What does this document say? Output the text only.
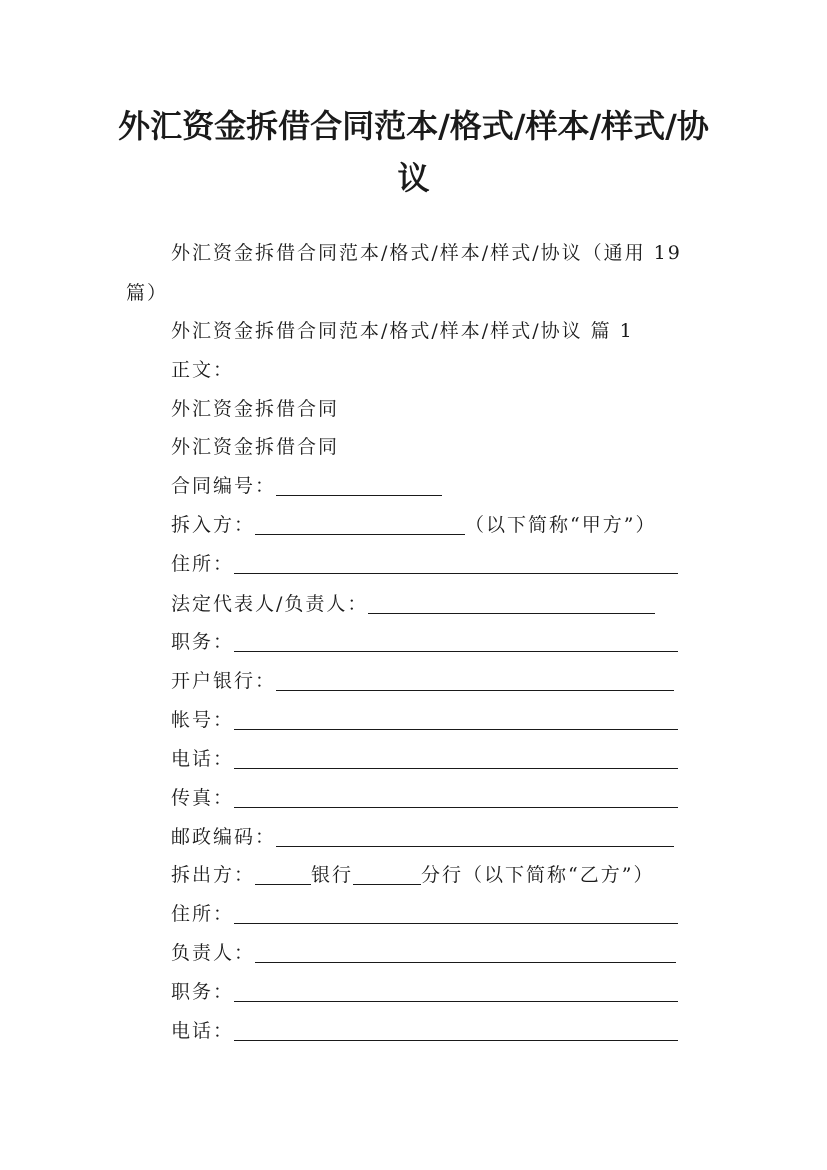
外汇资金拆借合同范本/格式/样本/样式/协
议
外汇资金拆借合同范本/格式/样本/样式/协议（通用 19
篇）
外汇资金拆借合同范本/格式/样本/样式/协议 篇 1
正文：
外汇资金拆借合同
外汇资金拆借合同
合同编号：
拆入方：	（以下简称“甲方”）
住所：
法定代表人/负责人：
职务：
开户银行：
帐号：
电话：
传真：
邮政编码：
拆出方：	银行	分行（以下简称“乙方”）
住所：
负责人：
职务：
电话：
